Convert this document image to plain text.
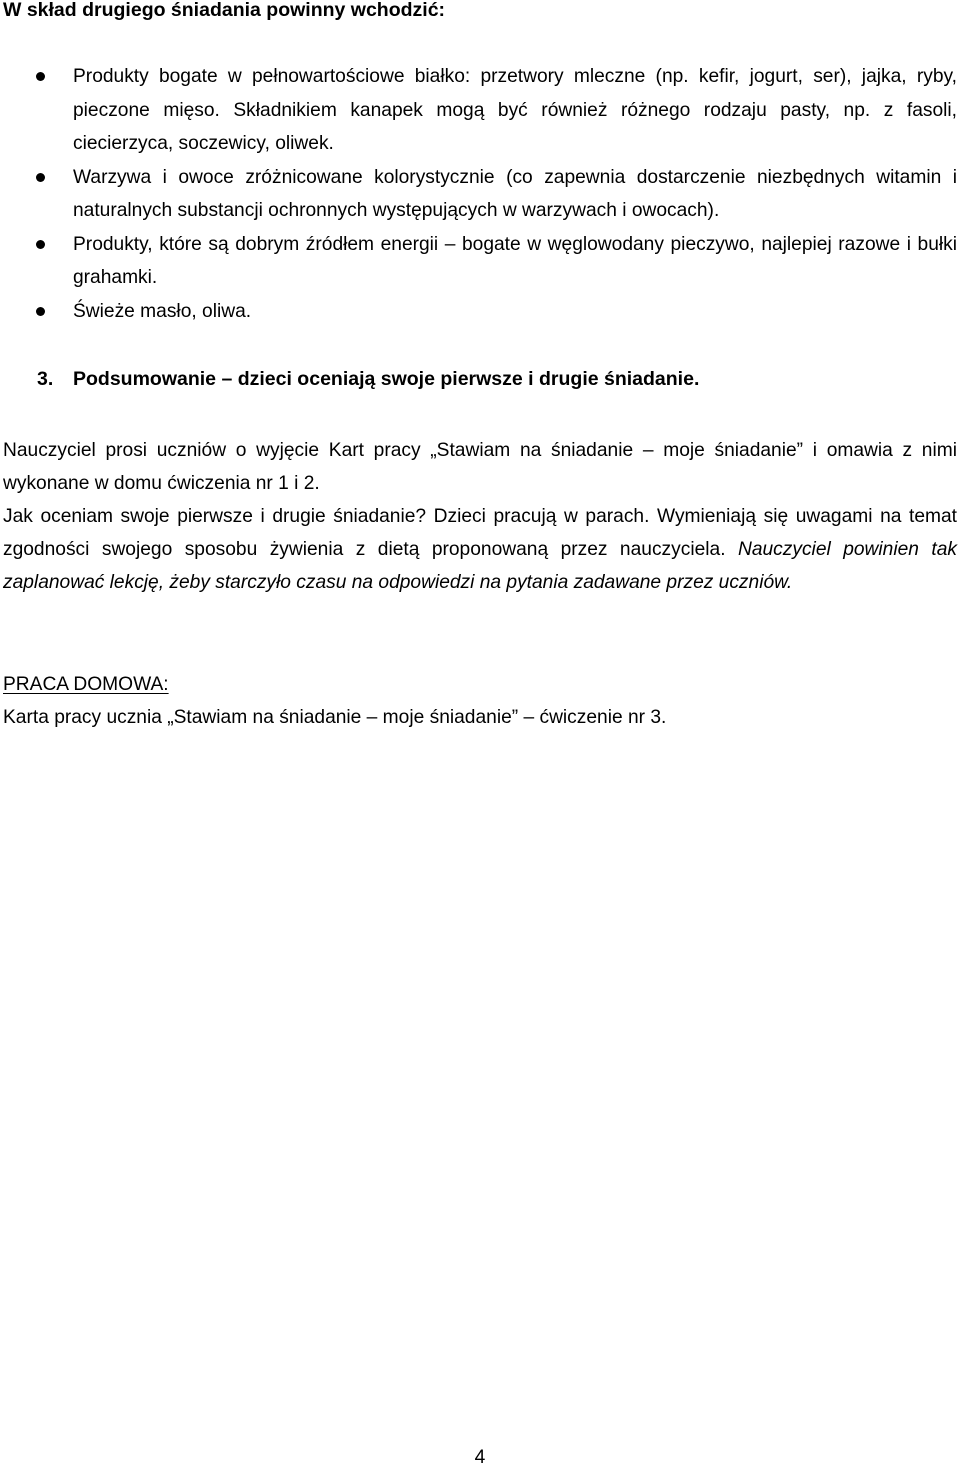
W skład drugiego śniadania powinny wchodzić:

Produkty bogate w pełnowartościowe białko: przetwory mleczne (np. kefir, jogurt, ser), jajka, ryby, pieczone mięso. Składnikiem kanapek mogą być również różnego rodzaju pasty, np. z fasoli, ciecierzyca, soczewicy, oliwek.
Warzywa i owoce zróżnicowane kolorystycznie (co zapewnia dostarczenie niezbędnych witamin i naturalnych substancji ochronnych występujących w warzywach i owocach).
Produkty, które są dobrym źródłem energii – bogate w węglowodany pieczywo, najlepiej razowe i bułki grahamki.
Świeże masło, oliwa.

3. Podsumowanie – dzieci oceniają swoje pierwsze i drugie śniadanie.

Nauczyciel prosi uczniów o wyjęcie Kart pracy „Stawiam na śniadanie – moje śniadanie” i omawia z nimi wykonane w domu ćwiczenia nr 1 i 2.

Jak oceniam swoje pierwsze i drugie śniadanie? Dzieci pracują w parach. Wymieniają się uwagami na temat zgodności swojego sposobu żywienia z dietą proponowaną przez nauczyciela. Nauczyciel powinien tak zaplanować lekcję, żeby starczyło czasu na odpowiedzi na pytania zadawane przez uczniów.

PRACA DOMOWA:

Karta pracy ucznia „Stawiam na śniadanie – moje śniadanie” – ćwiczenie nr 3.

4
